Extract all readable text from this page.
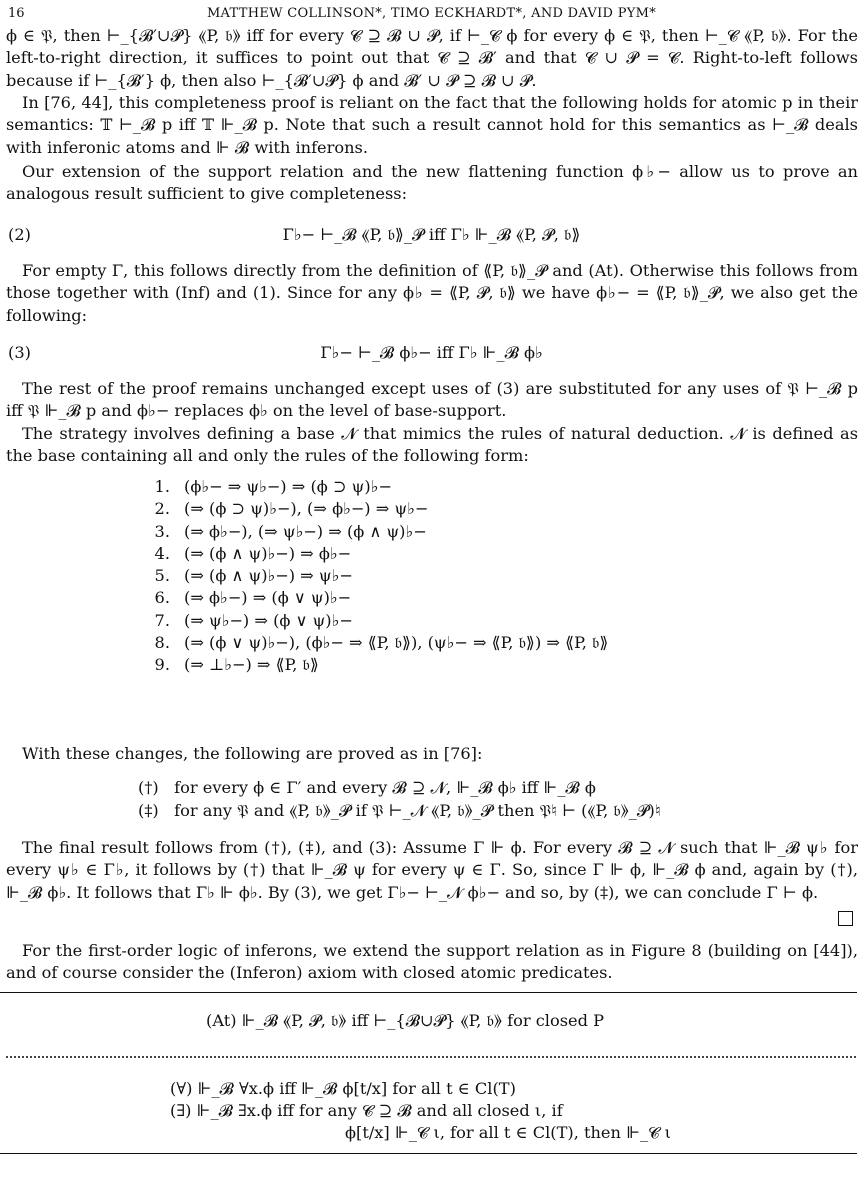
16	MATTHEW COLLINSON*, TIMO ECKHARDT*, AND DAVID PYM*

ϕ ∈ 𝔓, then ⊢_{𝓑′∪𝓟} ⟪P, 𝔟⟫ iff for every 𝓒 ⊇ 𝓑 ∪ 𝓟, if ⊢_𝓒 ϕ for every ϕ ∈ 𝔓, then ⊢_𝓒 ⟪P, 𝔟⟫. For the left-to-right direction, it suffices to point out that 𝓒 ⊇ 𝓑′ and that 𝓒 ∪ 𝓟 = 𝓒. Right-to-left follows because if ⊢_{𝓑′} ϕ, then also ⊢_{𝓑′∪𝓟} ϕ and 𝓑′ ∪ 𝓟 ⊇ 𝓑 ∪ 𝓟.

In [76, 44], this completeness proof is reliant on the fact that the following holds for atomic p in their semantics: 𝕋 ⊢_𝓑 p iff 𝕋 ⊩_𝓑 p. Note that such a result cannot hold for this semantics as ⊢_𝓑 deals with inferonic atoms and ⊩ 𝓑 with inferons.

Our extension of the support relation and the new flattening function ϕ♭− allow us to prove an analogous result sufficient to give completeness:

(2)	Γ♭− ⊢_𝓑 ⟪P, 𝔟⟫_𝓟 iff Γ♭ ⊩_𝓑 ⟪P, 𝓟, 𝔟⟫

For empty Γ, this follows directly from the definition of ⟪P, 𝔟⟫_𝓟 and (At). Otherwise this follows from those together with (Inf) and (1). Since for any ϕ♭ = ⟪P, 𝓟, 𝔟⟫ we have ϕ♭− = ⟪P, 𝔟⟫_𝓟, we also get the following:

(3)	Γ♭− ⊢_𝓑 ϕ♭− iff Γ♭ ⊩_𝓑 ϕ♭

The rest of the proof remains unchanged except uses of (3) are substituted for any uses of 𝔓 ⊢_𝓑 p iff 𝔓 ⊩_𝓑 p and ϕ♭− replaces ϕ♭ on the level of base-support.

The strategy involves defining a base 𝓝 that mimics the rules of natural deduction. 𝓝 is defined as the base containing all and only the rules of the following form:

1. (ϕ♭− ⇒ ψ♭−) ⇒ (ϕ ⊃ ψ)♭−
2. (⇒ (ϕ ⊃ ψ)♭−), (⇒ ϕ♭−) ⇒ ψ♭−
3. (⇒ ϕ♭−), (⇒ ψ♭−) ⇒ (ϕ ∧ ψ)♭−
4. (⇒ (ϕ ∧ ψ)♭−) ⇒ ϕ♭−
5. (⇒ (ϕ ∧ ψ)♭−) ⇒ ψ♭−
6. (⇒ ϕ♭−) ⇒ (ϕ ∨ ψ)♭−
7. (⇒ ψ♭−) ⇒ (ϕ ∨ ψ)♭−
8. (⇒ (ϕ ∨ ψ)♭−), (ϕ♭− ⇒ ⟪P, 𝔟⟫), (ψ♭− ⇒ ⟪P, 𝔟⟫) ⇒ ⟪P, 𝔟⟫
9. (⇒ ⊥♭−) ⇒ ⟪P, 𝔟⟫

With these changes, the following are proved as in [76]:

(†) for every ϕ ∈ Γ′ and every 𝓑 ⊇ 𝓝, ⊩_𝓑 ϕ♭ iff ⊩_𝓑 ϕ
(‡) for any 𝔓 and ⟪P, 𝔟⟫_𝓟 if 𝔓 ⊢_𝓝 ⟪P, 𝔟⟫_𝓟 then 𝔓♮ ⊢ (⟪P, 𝔟⟫_𝓟)♮

The final result follows from (†), (‡), and (3): Assume Γ ⊩ ϕ. For every 𝓑 ⊇ 𝓝 such that ⊩_𝓑 ψ♭ for every ψ♭ ∈ Γ♭, it follows by (†) that ⊩_𝓑 ψ for every ψ ∈ Γ. So, since Γ ⊩ ϕ, ⊩_𝓑 ϕ and, again by (†), ⊩_𝓑 ϕ♭. It follows that Γ♭ ⊩ ϕ♭. By (3), we get Γ♭− ⊢_𝓝 ϕ♭− and so, by (‡), we can conclude Γ ⊢ ϕ.

For the first-order logic of inferons, we extend the support relation as in Figure 8 (building on [44]), and of course consider the (Inferon) axiom with closed atomic predicates.

(At) ⊩_𝓑 ⟪P, 𝓟, 𝔟⟫ iff ⊢_{𝓑∪𝓟} ⟪P, 𝔟⟫ for closed P
(∀) ⊩_𝓑 ∀x.ϕ iff ⊩_𝓑 ϕ[t/x] for all t ∈ Cl(T)
(∃) ⊩_𝓑 ∃x.ϕ iff for any 𝓒 ⊇ 𝓑 and all closed ι, if
ϕ[t/x] ⊩_𝓒 ι, for all t ∈ Cl(T), then ⊩_𝓒 ι
